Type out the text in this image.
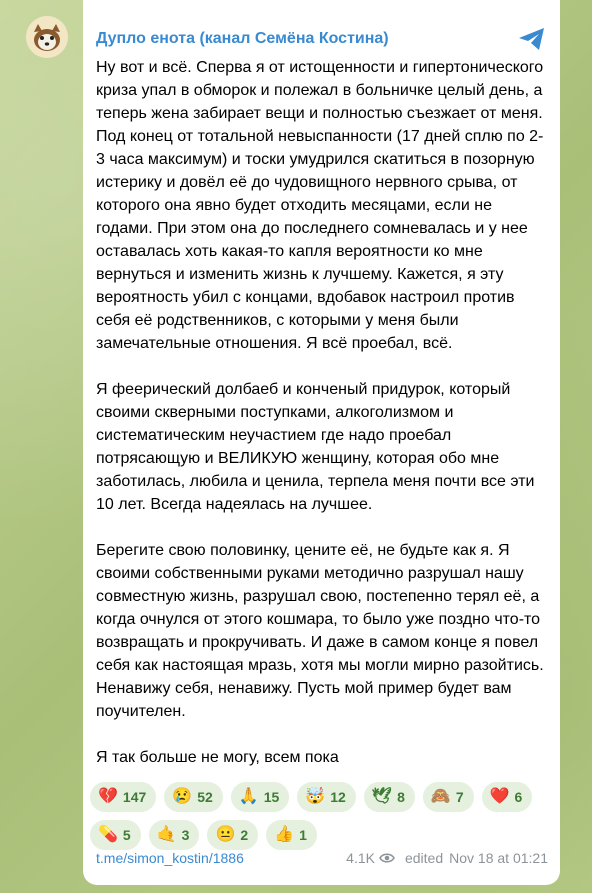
Дупло енота (канал Семёна Костина)

Ну вот и всё. Сперва я от истощенности и гипертонического криза упал в обморок и полежал в больничке целый день, а теперь жена забирает вещи и полностью съезжает от меня. Под конец от тотальной невыспанности (17 дней сплю по 2-3 часа максимум) и тоски умудрился скатиться в позорную истерику и довёл её до чудовищного нервного срыва, от которого она явно будет отходить месяцами, если не годами. При этом она до последнего сомневалась и у нее оставалась хоть какая-то капля вероятности ко мне вернуться и изменить жизнь к лучшему. Кажется, я эту вероятность убил с концами, вдобавок настроил против себя её родственников, с которыми у меня были замечательные отношения. Я всё проебал, всё.

Я феерический долбаеб и конченый придурок, который своими скверными поступками, алкоголизмом и систематическим неучастием где надо проебал потрясающую и ВЕЛИКУЮ женщину, которая обо мне заботилась, любила и ценила, терпела меня почти все эти 10 лет. Всегда надеялась на лучшее.

Берегите свою половинку, цените её, не будьте как я. Я своими собственными руками методично разрушал нашу совместную жизнь, разрушал свою, постепенно терял её, а когда очнулся от этого кошмара, то было уже поздно что-то возвращать и прокручивать. И даже в самом конце я повел себя как настоящая мразь, хотя мы могли мирно разойтись. Ненавижу себя, ненавижу. Пусть мой пример будет вам поучителен.

Я так больше не могу, всем пока

💔 147 😢 52 🙏 15 🤯 12 🕊 8 🙈 7 ❤️ 6
💊 5 🤙 3 😐 2 👍 1
t.me/simon_kostin/1886	4.1K edited Nov 18 at 01:21
